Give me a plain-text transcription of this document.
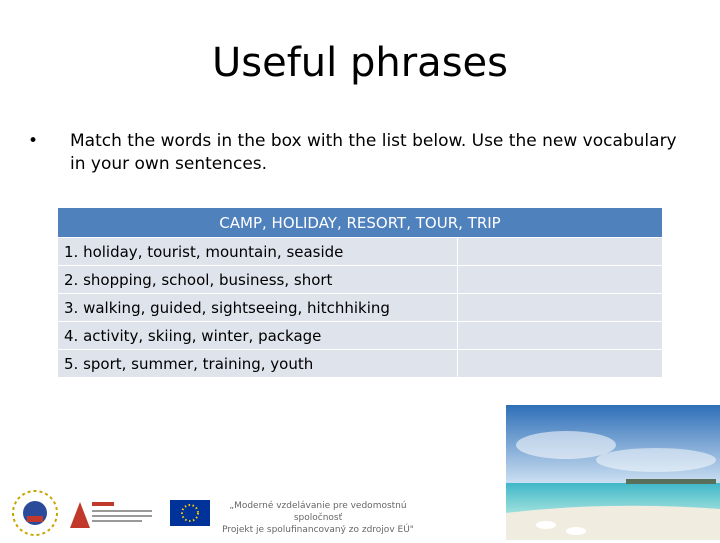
Useful phrases
• Match the words in the box with the list below. Use the new vocabulary in your own sentences.
CAMP, HOLIDAY, RESORT, TOUR, TRIP	
1. holiday, tourist, mountain, seaside	
2. shopping, school, business, short	
3. walking, guided, sightseeing, hitchhiking	
4. activity, skiing, winter, package	
5. sport, summer, training, youth	
„Moderné vzdelávanie pre vedomostnú spoločnosť
Projekt je spolufinancovaný zo zdrojov EÚ"
